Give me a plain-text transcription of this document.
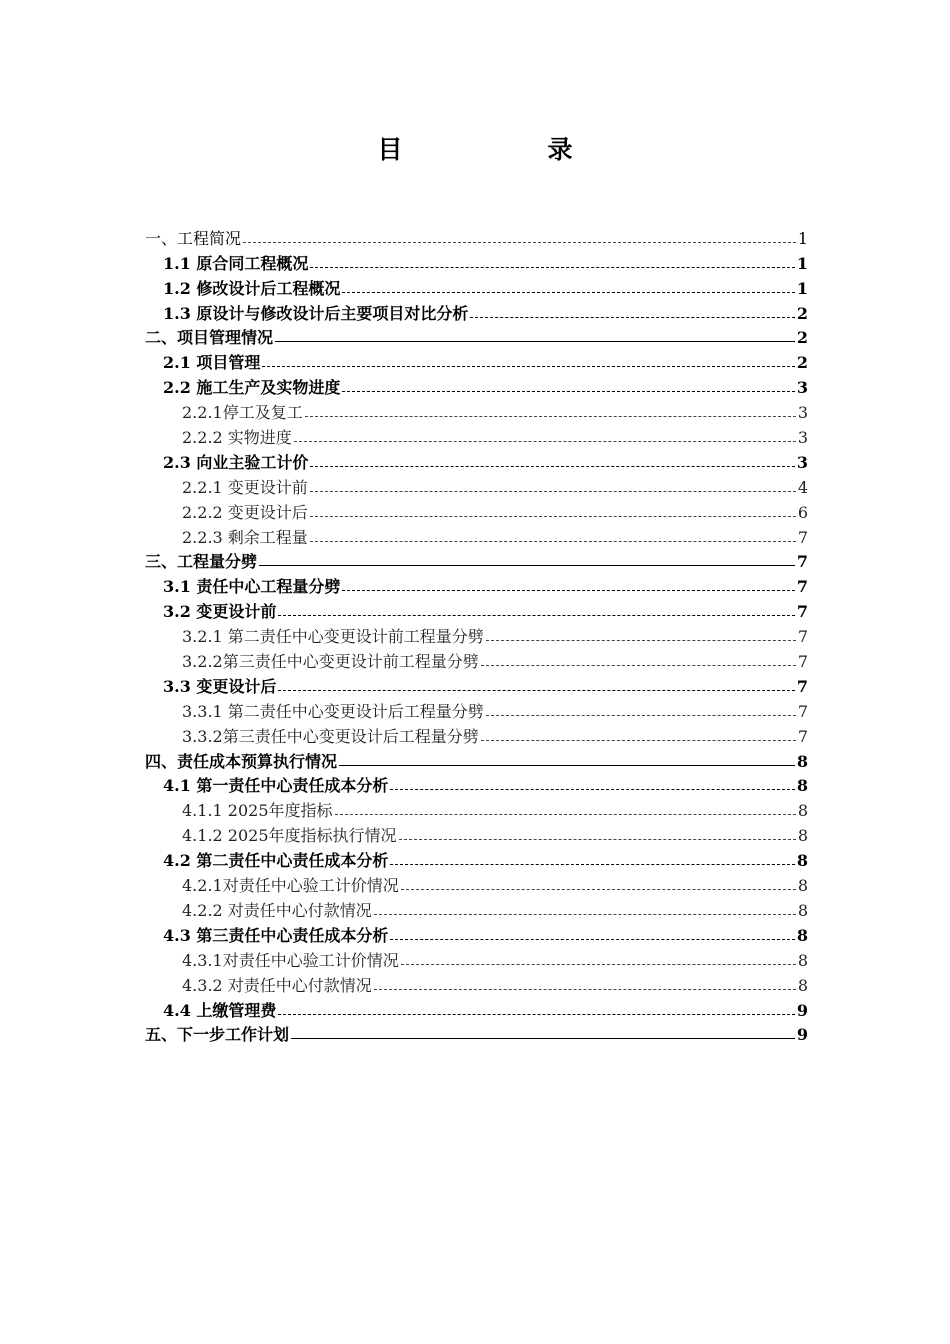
目　录
一、工程简况	1
1.1 原合同工程概况	1
1.2 修改设计后工程概况	1
1.3 原设计与修改设计后主要项目对比分析	2
二、项目管理情况	2
2.1 项目管理	2
2.2 施工生产及实物进度	3
2.2.1停工及复工	3
2.2.2 实物进度	3
2.3 向业主验工计价	3
2.2.1 变更设计前	4
2.2.2 变更设计后	6
2.2.3 剩余工程量	7
三、工程量分劈	7
3.1 责任中心工程量分劈	7
3.2 变更设计前	7
3.2.1 第二责任中心变更设计前工程量分劈	7
3.2.2第三责任中心变更设计前工程量分劈	7
3.3 变更设计后	7
3.3.1 第二责任中心变更设计后工程量分劈	7
3.3.2第三责任中心变更设计后工程量分劈	7
四、责任成本预算执行情况	8
4.1 第一责任中心责任成本分析	8
4.1.1 2025年度指标	8
4.1.2 2025年度指标执行情况	8
4.2 第二责任中心责任成本分析	8
4.2.1对责任中心验工计价情况	8
4.2.2 对责任中心付款情况	8
4.3 第三责任中心责任成本分析	8
4.3.1对责任中心验工计价情况	8
4.3.2 对责任中心付款情况	8
4.4 上缴管理费	9
五、下一步工作计划	9
